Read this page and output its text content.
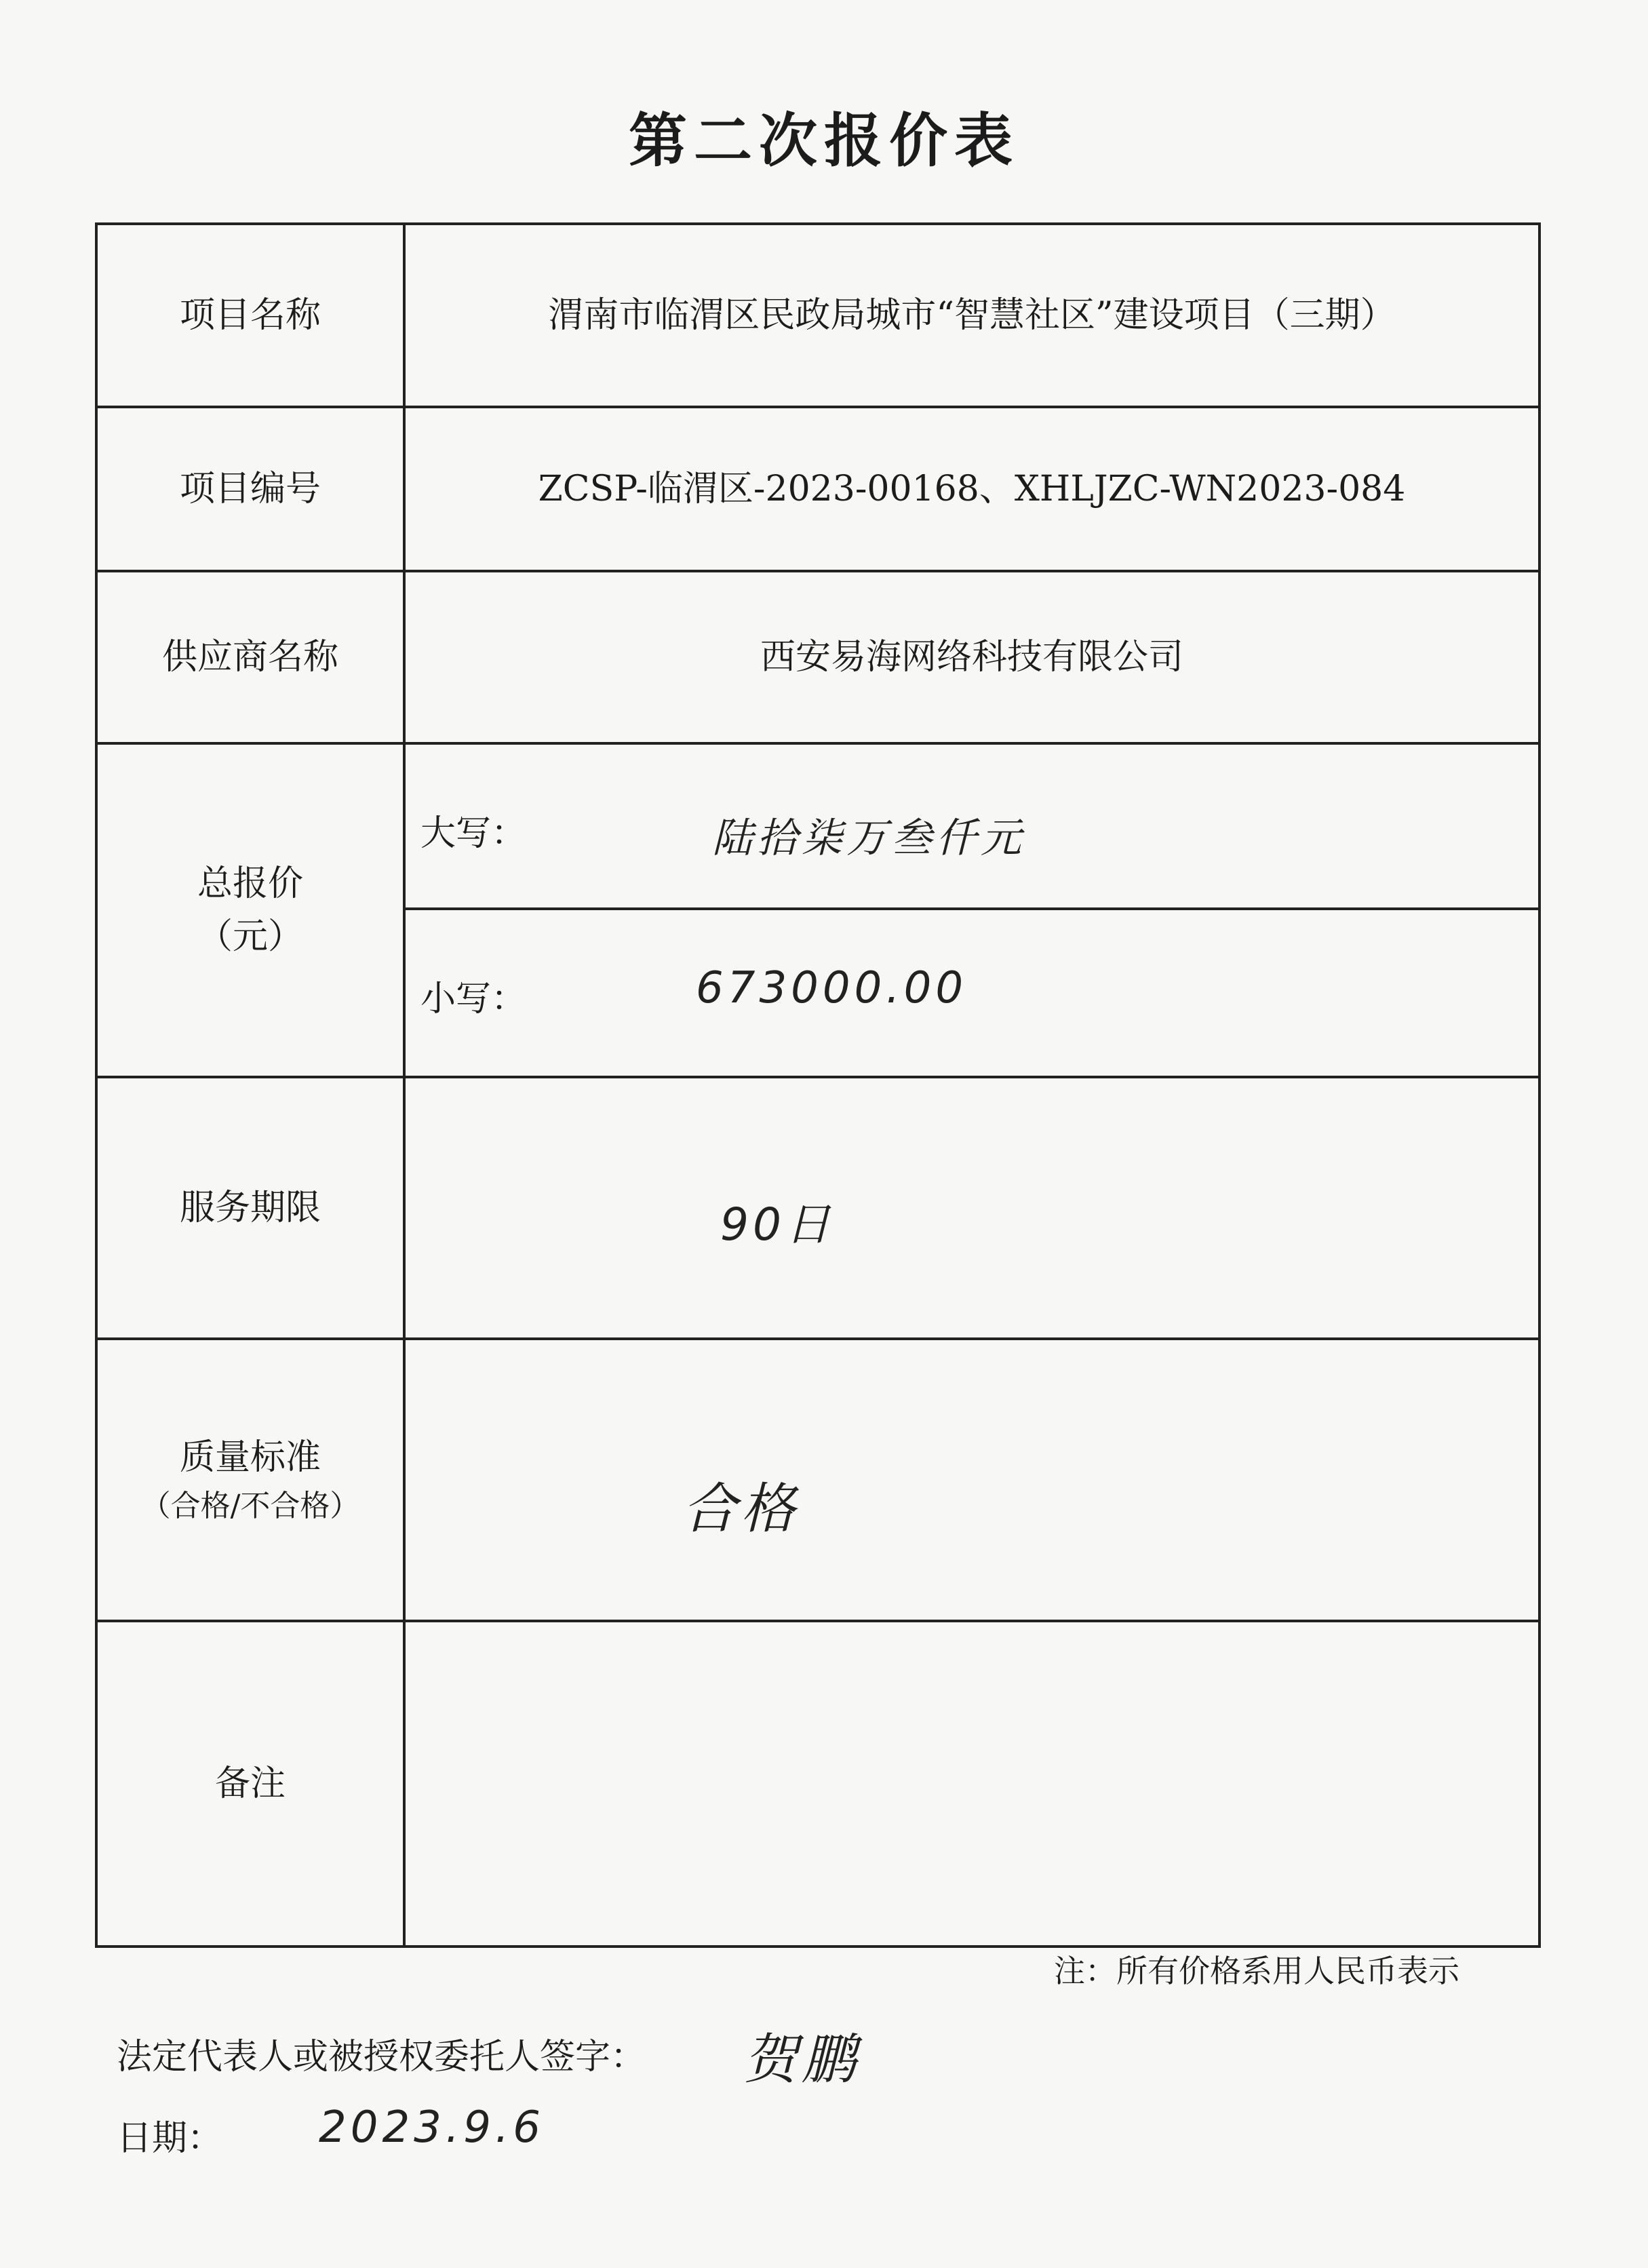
第二次报价表
项目名称	渭南市临渭区民政局城市“智慧社区”建设项目（三期）
项目编号	ZCSP-临渭区-2023-00168、XHLJZC-WN2023-084
供应商名称	西安易海网络科技有限公司
总报价
（元）
大写：	陆拾柒万叁仟元
小写：	673000.00
服务期限	90日
质量标准
（合格/不合格）	合格
备注
注：所有价格系用人民币表示
法定代表人或被授权委托人签字： 贺鹏
日期： 2023.9.6
